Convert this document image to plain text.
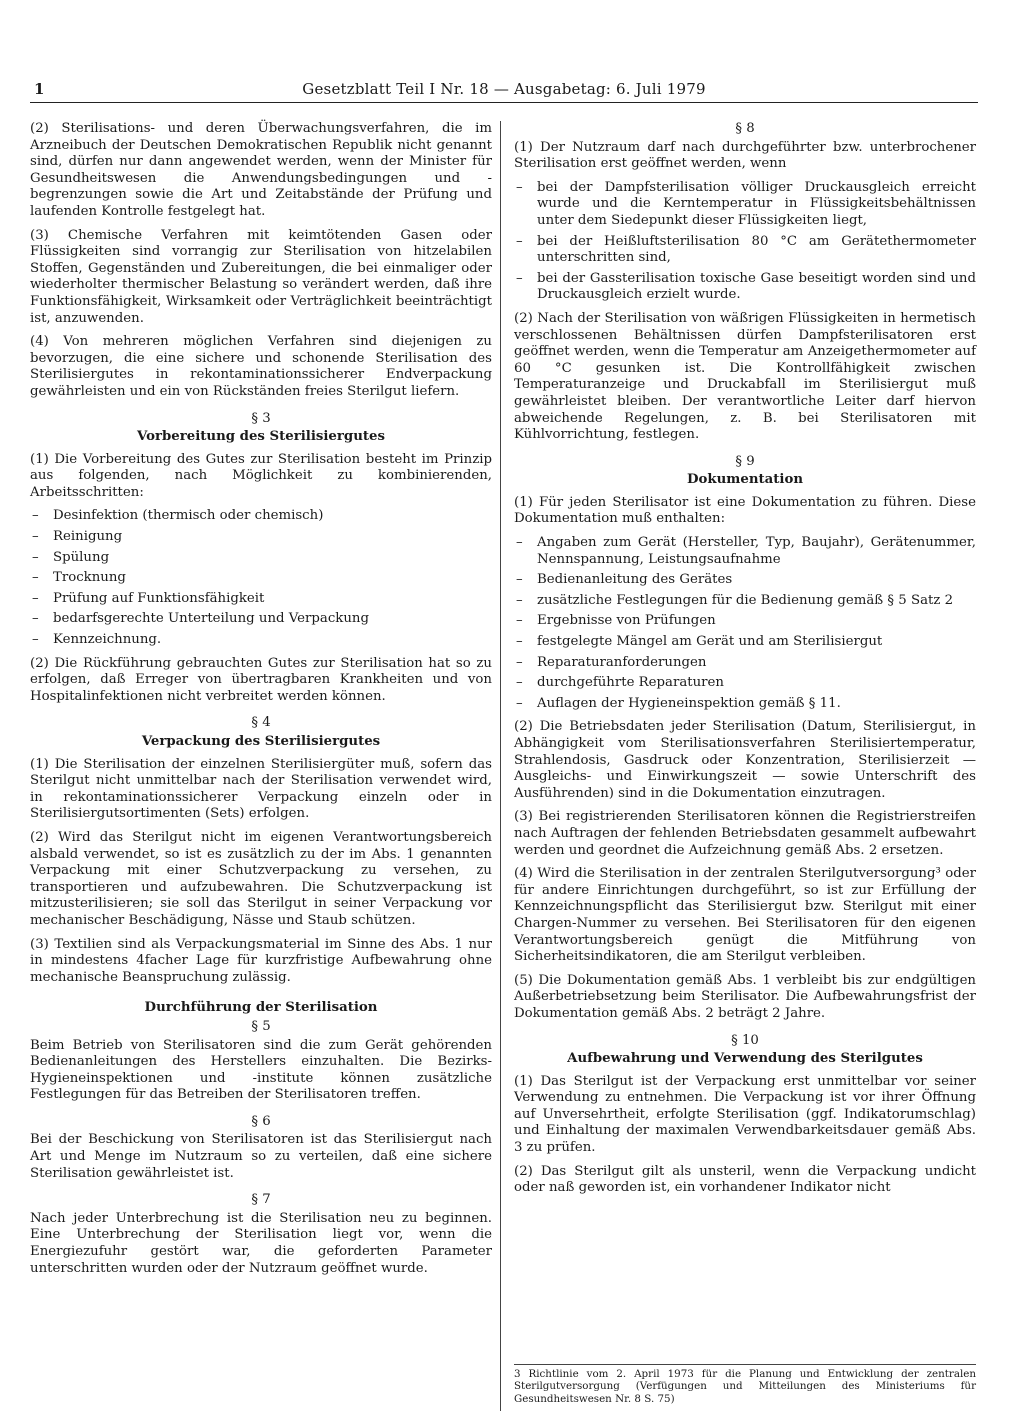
1	Gesetzblatt Teil I Nr. 18 — Ausgabetag: 6. Juli 1979

(2) Sterilisations- und deren Überwachungsverfahren, die im Arzneibuch der Deutschen Demokratischen Republik nicht genannt sind, dürfen nur dann angewendet werden, wenn der Minister für Gesundheitswesen die Anwendungsbedingungen und -begrenzungen sowie die Art und Zeitabstände der Prüfung und laufenden Kontrolle festgelegt hat.

(3) Chemische Verfahren mit keimtötenden Gasen oder Flüssigkeiten sind vorrangig zur Sterilisation von hitzelabilen Stoffen, Gegenständen und Zubereitungen, die bei einmaliger oder wiederholter thermischer Belastung so verändert werden, daß ihre Funktionsfähigkeit, Wirksamkeit oder Verträglichkeit beeinträchtigt ist, anzuwenden.

(4) Von mehreren möglichen Verfahren sind diejenigen zu bevorzugen, die eine sichere und schonende Sterilisation des Sterilisiergutes in rekontaminationssicherer Endverpackung gewährleisten und ein von Rückständen freies Sterilgut liefern.

§ 3
Vorbereitung des Sterilisiergutes

(1) Die Vorbereitung des Gutes zur Sterilisation besteht im Prinzip aus folgenden, nach Möglichkeit zu kombinierenden, Arbeitsschritten:

– Desinfektion (thermisch oder chemisch)
– Reinigung
– Spülung
– Trocknung
– Prüfung auf Funktionsfähigkeit
– bedarfsgerechte Unterteilung und Verpackung
– Kennzeichnung.

(2) Die Rückführung gebrauchten Gutes zur Sterilisation hat so zu erfolgen, daß Erreger von übertragbaren Krankheiten und von Hospitalinfektionen nicht verbreitet werden können.

§ 4
Verpackung des Sterilisiergutes

(1) Die Sterilisation der einzelnen Sterilisiergüter muß, sofern das Sterilgut nicht unmittelbar nach der Sterilisation verwendet wird, in rekontaminationssicherer Verpackung einzeln oder in Sterilisiergutsortimenten (Sets) erfolgen.

(2) Wird das Sterilgut nicht im eigenen Verantwortungsbereich alsbald verwendet, so ist es zusätzlich zu der im Abs. 1 genannten Verpackung mit einer Schutzverpackung zu versehen, zu transportieren und aufzubewahren. Die Schutzverpackung ist mitzusterilisieren; sie soll das Sterilgut in seiner Verpackung vor mechanischer Beschädigung, Nässe und Staub schützen.

(3) Textilien sind als Verpackungsmaterial im Sinne des Abs. 1 nur in mindestens 4facher Lage für kurzfristige Aufbewahrung ohne mechanische Beanspruchung zulässig.

Durchführung der Sterilisation
§ 5

Beim Betrieb von Sterilisatoren sind die zum Gerät gehörenden Bedienanleitungen des Herstellers einzuhalten. Die Bezirks-Hygieneinspektionen und -institute können zusätzliche Festlegungen für das Betreiben der Sterilisatoren treffen.

§ 6

Bei der Beschickung von Sterilisatoren ist das Sterilisiergut nach Art und Menge im Nutzraum so zu verteilen, daß eine sichere Sterilisation gewährleistet ist.

§ 7

Nach jeder Unterbrechung ist die Sterilisation neu zu beginnen. Eine Unterbrechung der Sterilisation liegt vor, wenn die Energiezufuhr gestört war, die geforderten Parameter unterschritten wurden oder der Nutzraum geöffnet wurde.

§ 8

(1) Der Nutzraum darf nach durchgeführter bzw. unterbrochener Sterilisation erst geöffnet werden, wenn

– bei der Dampfsterilisation völliger Druckausgleich erreicht wurde und die Kerntemperatur in Flüssigkeitsbehältnissen unter dem Siedepunkt dieser Flüssigkeiten liegt,
– bei der Heißluftsterilisation 80 °C am Gerätethermometer unterschritten sind,
– bei der Gassterilisation toxische Gase beseitigt worden sind und Druckausgleich erzielt wurde.

(2) Nach der Sterilisation von wäßrigen Flüssigkeiten in hermetisch verschlossenen Behältnissen dürfen Dampfsterilisatoren erst geöffnet werden, wenn die Temperatur am Anzeigethermometer auf 60 °C gesunken ist. Die Kontrollfähigkeit zwischen Temperaturanzeige und Druckabfall im Sterilisiergut muß gewährleistet bleiben. Der verantwortliche Leiter darf hiervon abweichende Regelungen, z. B. bei Sterilisatoren mit Kühlvorrichtung, festlegen.

§ 9
Dokumentation

(1) Für jeden Sterilisator ist eine Dokumentation zu führen. Diese Dokumentation muß enthalten:

– Angaben zum Gerät (Hersteller, Typ, Baujahr), Gerätenummer, Nennspannung, Leistungsaufnahme
– Bedienanleitung des Gerätes
– zusätzliche Festlegungen für die Bedienung gemäß § 5 Satz 2
– Ergebnisse von Prüfungen
– festgelegte Mängel am Gerät und am Sterilisiergut
– Reparaturanforderungen
– durchgeführte Reparaturen
– Auflagen der Hygieneinspektion gemäß § 11.

(2) Die Betriebsdaten jeder Sterilisation (Datum, Sterilisiergut, in Abhängigkeit vom Sterilisationsverfahren Sterilisiertemperatur, Strahlendosis, Gasdruck oder Konzentration, Sterilisierzeit — Ausgleichs- und Einwirkungszeit — sowie Unterschrift des Ausführenden) sind in die Dokumentation einzutragen.

(3) Bei registrierenden Sterilisatoren können die Registrierstreifen nach Auftragen der fehlenden Betriebsdaten gesammelt aufbewahrt werden und geordnet die Aufzeichnung gemäß Abs. 2 ersetzen.

(4) Wird die Sterilisation in der zentralen Sterilgutversorgung³ oder für andere Einrichtungen durchgeführt, so ist zur Erfüllung der Kennzeichnungspflicht das Sterilisiergut bzw. Sterilgut mit einer Chargen-Nummer zu versehen. Bei Sterilisatoren für den eigenen Verantwortungsbereich genügt die Mitführung von Sicherheitsindikatoren, die am Sterilgut verbleiben.

(5) Die Dokumentation gemäß Abs. 1 verbleibt bis zur endgültigen Außerbetriebsetzung beim Sterilisator. Die Aufbewahrungsfrist der Dokumentation gemäß Abs. 2 beträgt 2 Jahre.

§ 10
Aufbewahrung und Verwendung des Sterilgutes

(1) Das Sterilgut ist der Verpackung erst unmittelbar vor seiner Verwendung zu entnehmen. Die Verpackung ist vor ihrer Öffnung auf Unversehrtheit, erfolgte Sterilisation (ggf. Indikatorumschlag) und Einhaltung der maximalen Verwendbarkeitsdauer gemäß Abs. 3 zu prüfen.

(2) Das Sterilgut gilt als unsteril, wenn die Verpackung undicht oder naß geworden ist, ein vorhandener Indikator nicht

3 Richtlinie vom 2. April 1973 für die Planung und Entwicklung der zentralen Sterilgutversorgung (Verfügungen und Mitteilungen des Ministeriums für Gesundheitswesen Nr. 8 S. 75)
